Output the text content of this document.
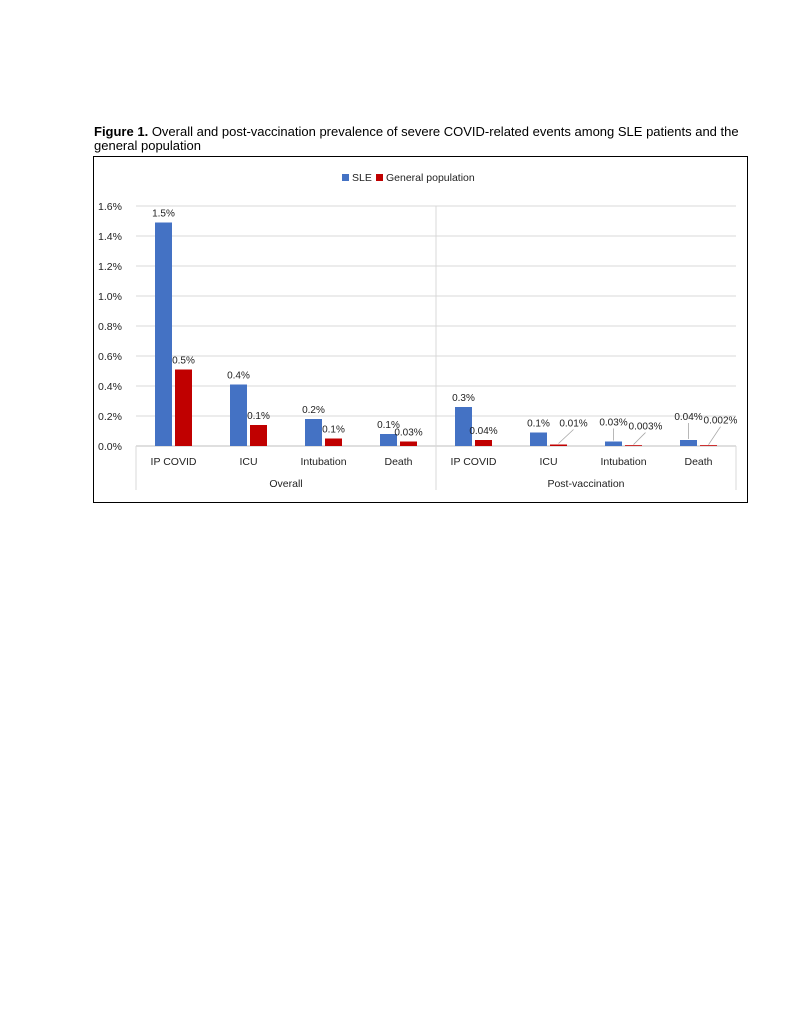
Figure 1. Overall and post-vaccination prevalence of severe COVID-related events among SLE patients and the general population
0.0%
0.2%
0.4%
0.6%
0.8%
1.0%
1.2%
1.4%
1.6%
IP COVID	ICU	Intubation	Death	IP COVID	ICU	Intubation	Death
Overall	Post-vaccination
1.5%
0.4%
0.2%
0.1%
0.3%
0.1%	0.03%	0.04%
0.5%
0.1%
0.1%	0.03%	0.04%
0.01%	0.003%
0.002%
SLE General population
